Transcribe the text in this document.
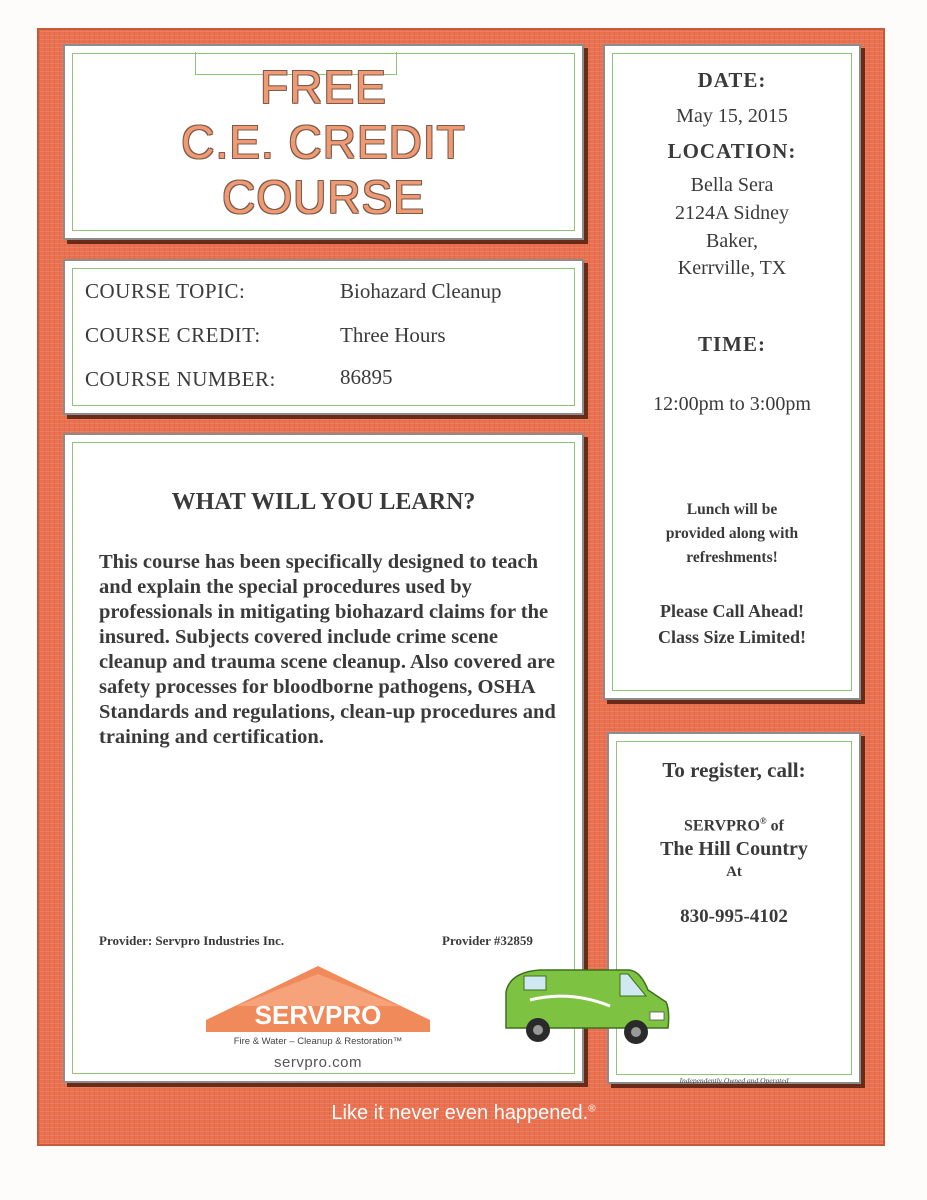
FREE
C.E. CREDIT
COURSE
COURSE TOPIC:	Biohazard Cleanup
COURSE CREDIT:	Three Hours
COURSE NUMBER:	86895
WHAT WILL YOU LEARN?
This course has been specifically designed to teach and explain the special procedures used by professionals in mitigating biohazard claims for the insured. Subjects covered include crime scene cleanup and trauma scene cleanup. Also covered are safety processes for bloodborne pathogens, OSHA Standards and regulations, clean-up procedures and training and certification.
Provider: Servpro Industries Inc.	Provider #32859
DATE:
May 15, 2015
LOCATION:
Bella Sera
2124A Sidney
Baker,
Kerrville, TX
TIME:
12:00pm to 3:00pm
Lunch will be
provided along with
refreshments!
Please Call Ahead!
Class Size Limited!
To register, call:
SERVPRO® of
The Hill Country
At
830-995-4102
Independently Owned and Operated
SERVPRO
Fire & Water – Cleanup & Restoration™
servpro.com
Like it never even happened.®
